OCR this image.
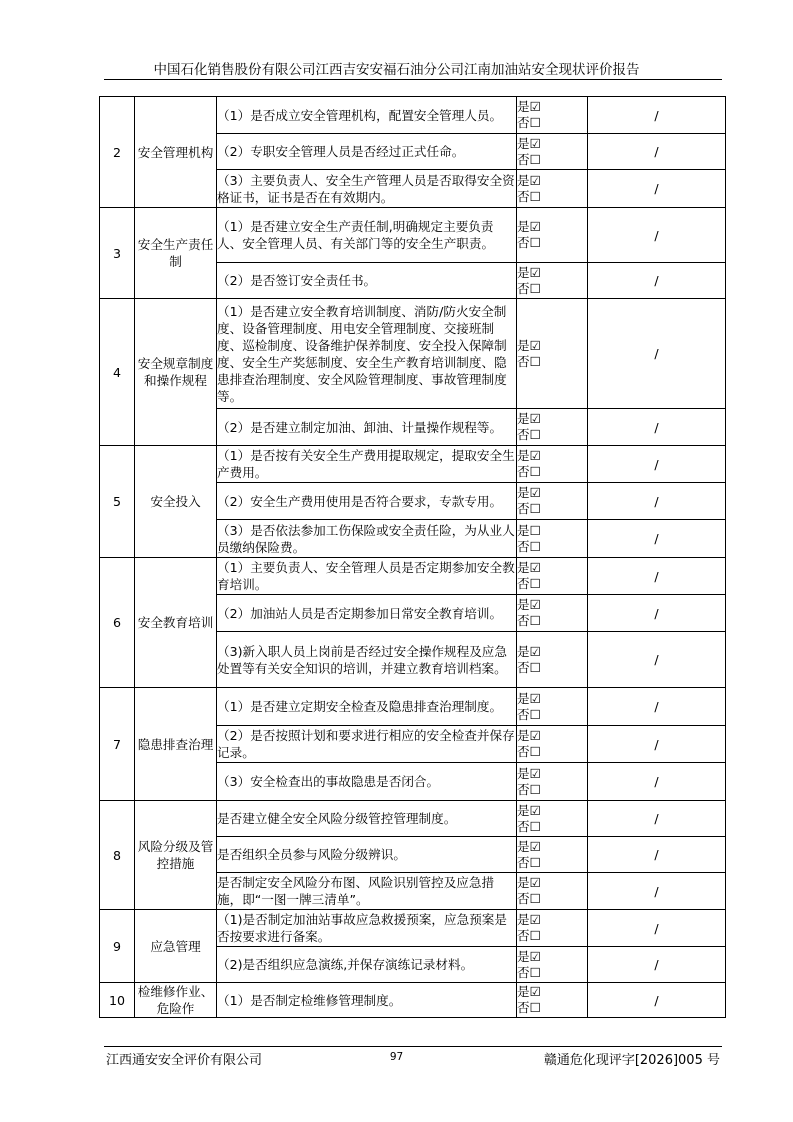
中国石化销售股份有限公司江西吉安安福石油分公司江南加油站安全现状评价报告
2	安全管理机构	（1）是否成立安全管理机构，配置安全管理人员。	是☑
否☐	/
		（2）专职安全管理人员是否经过正式任命。	是☑
否☐	/
		（3）主要负责人、安全生产管理人员是否取得安全资格证书，证书是否在有效期内。	是☑
否☐	/
3	安全生产责任制	（1）是否建立安全生产责任制,明确规定主要负责人、安全管理人员、有关部门等的安全生产职责。	是☑
否☐	/
		（2）是否签订安全责任书。	是☑
否☐	/
4	安全规章制度和操作规程	（1）是否建立安全教育培训制度、消防/防火安全制度、设备管理制度、用电安全管理制度、交接班制度、巡检制度、设备维护保养制度、安全投入保障制度、安全生产奖惩制度、安全生产教育培训制度、隐患排查治理制度、安全风险管理制度、事故管理制度等。	是☑
否☐	/
		（2）是否建立制定加油、卸油、计量操作规程等。	是☑
否☐	/
5	安全投入	（1）是否按有关安全生产费用提取规定，提取安全生产费用。	是☑
否☐	/
		（2）安全生产费用使用是否符合要求，专款专用。	是☑
否☐	/
		（3）是否依法参加工伤保险或安全责任险，为从业人员缴纳保险费。	是☐
否☐	/
6	安全教育培训	（1）主要负责人、安全管理人员是否定期参加安全教育培训。	是☑
否☐	/
		（2）加油站人员是否定期参加日常安全教育培训。	是☑
否☐	/
		（3)新入职人员上岗前是否经过安全操作规程及应急处置等有关安全知识的培训，并建立教育培训档案。	是☑
否☐	/
7	隐患排查治理	（1）是否建立定期安全检查及隐患排查治理制度。	是☑
否☐	/
		（2）是否按照计划和要求进行相应的安全检查并保存记录。	是☑
否☐	/
		（3）安全检查出的事故隐患是否闭合。	是☑
否☐	/
8	风险分级及管控措施	是否建立健全安全风险分级管控管理制度。	是☑
否☐	/
		是否组织全员参与风险分级辨识。	是☑
否☐	/
		是否制定安全风险分布图、风险识别管控及应急措施，即“一图一牌三清单”。	是☑
否☐	/
9	应急管理	（1)是否制定加油站事故应急救援预案，应急预案是否按要求进行备案。	是☑
否☐	/
		（2)是否组织应急演练,并保存演练记录材料。	是☑
否☐	/
10	检维修作业、危险作	（1）是否制定检维修管理制度。	是☑
否☐	/
江西通安安全评价有限公司	97	赣通危化现评字[2026]005 号
